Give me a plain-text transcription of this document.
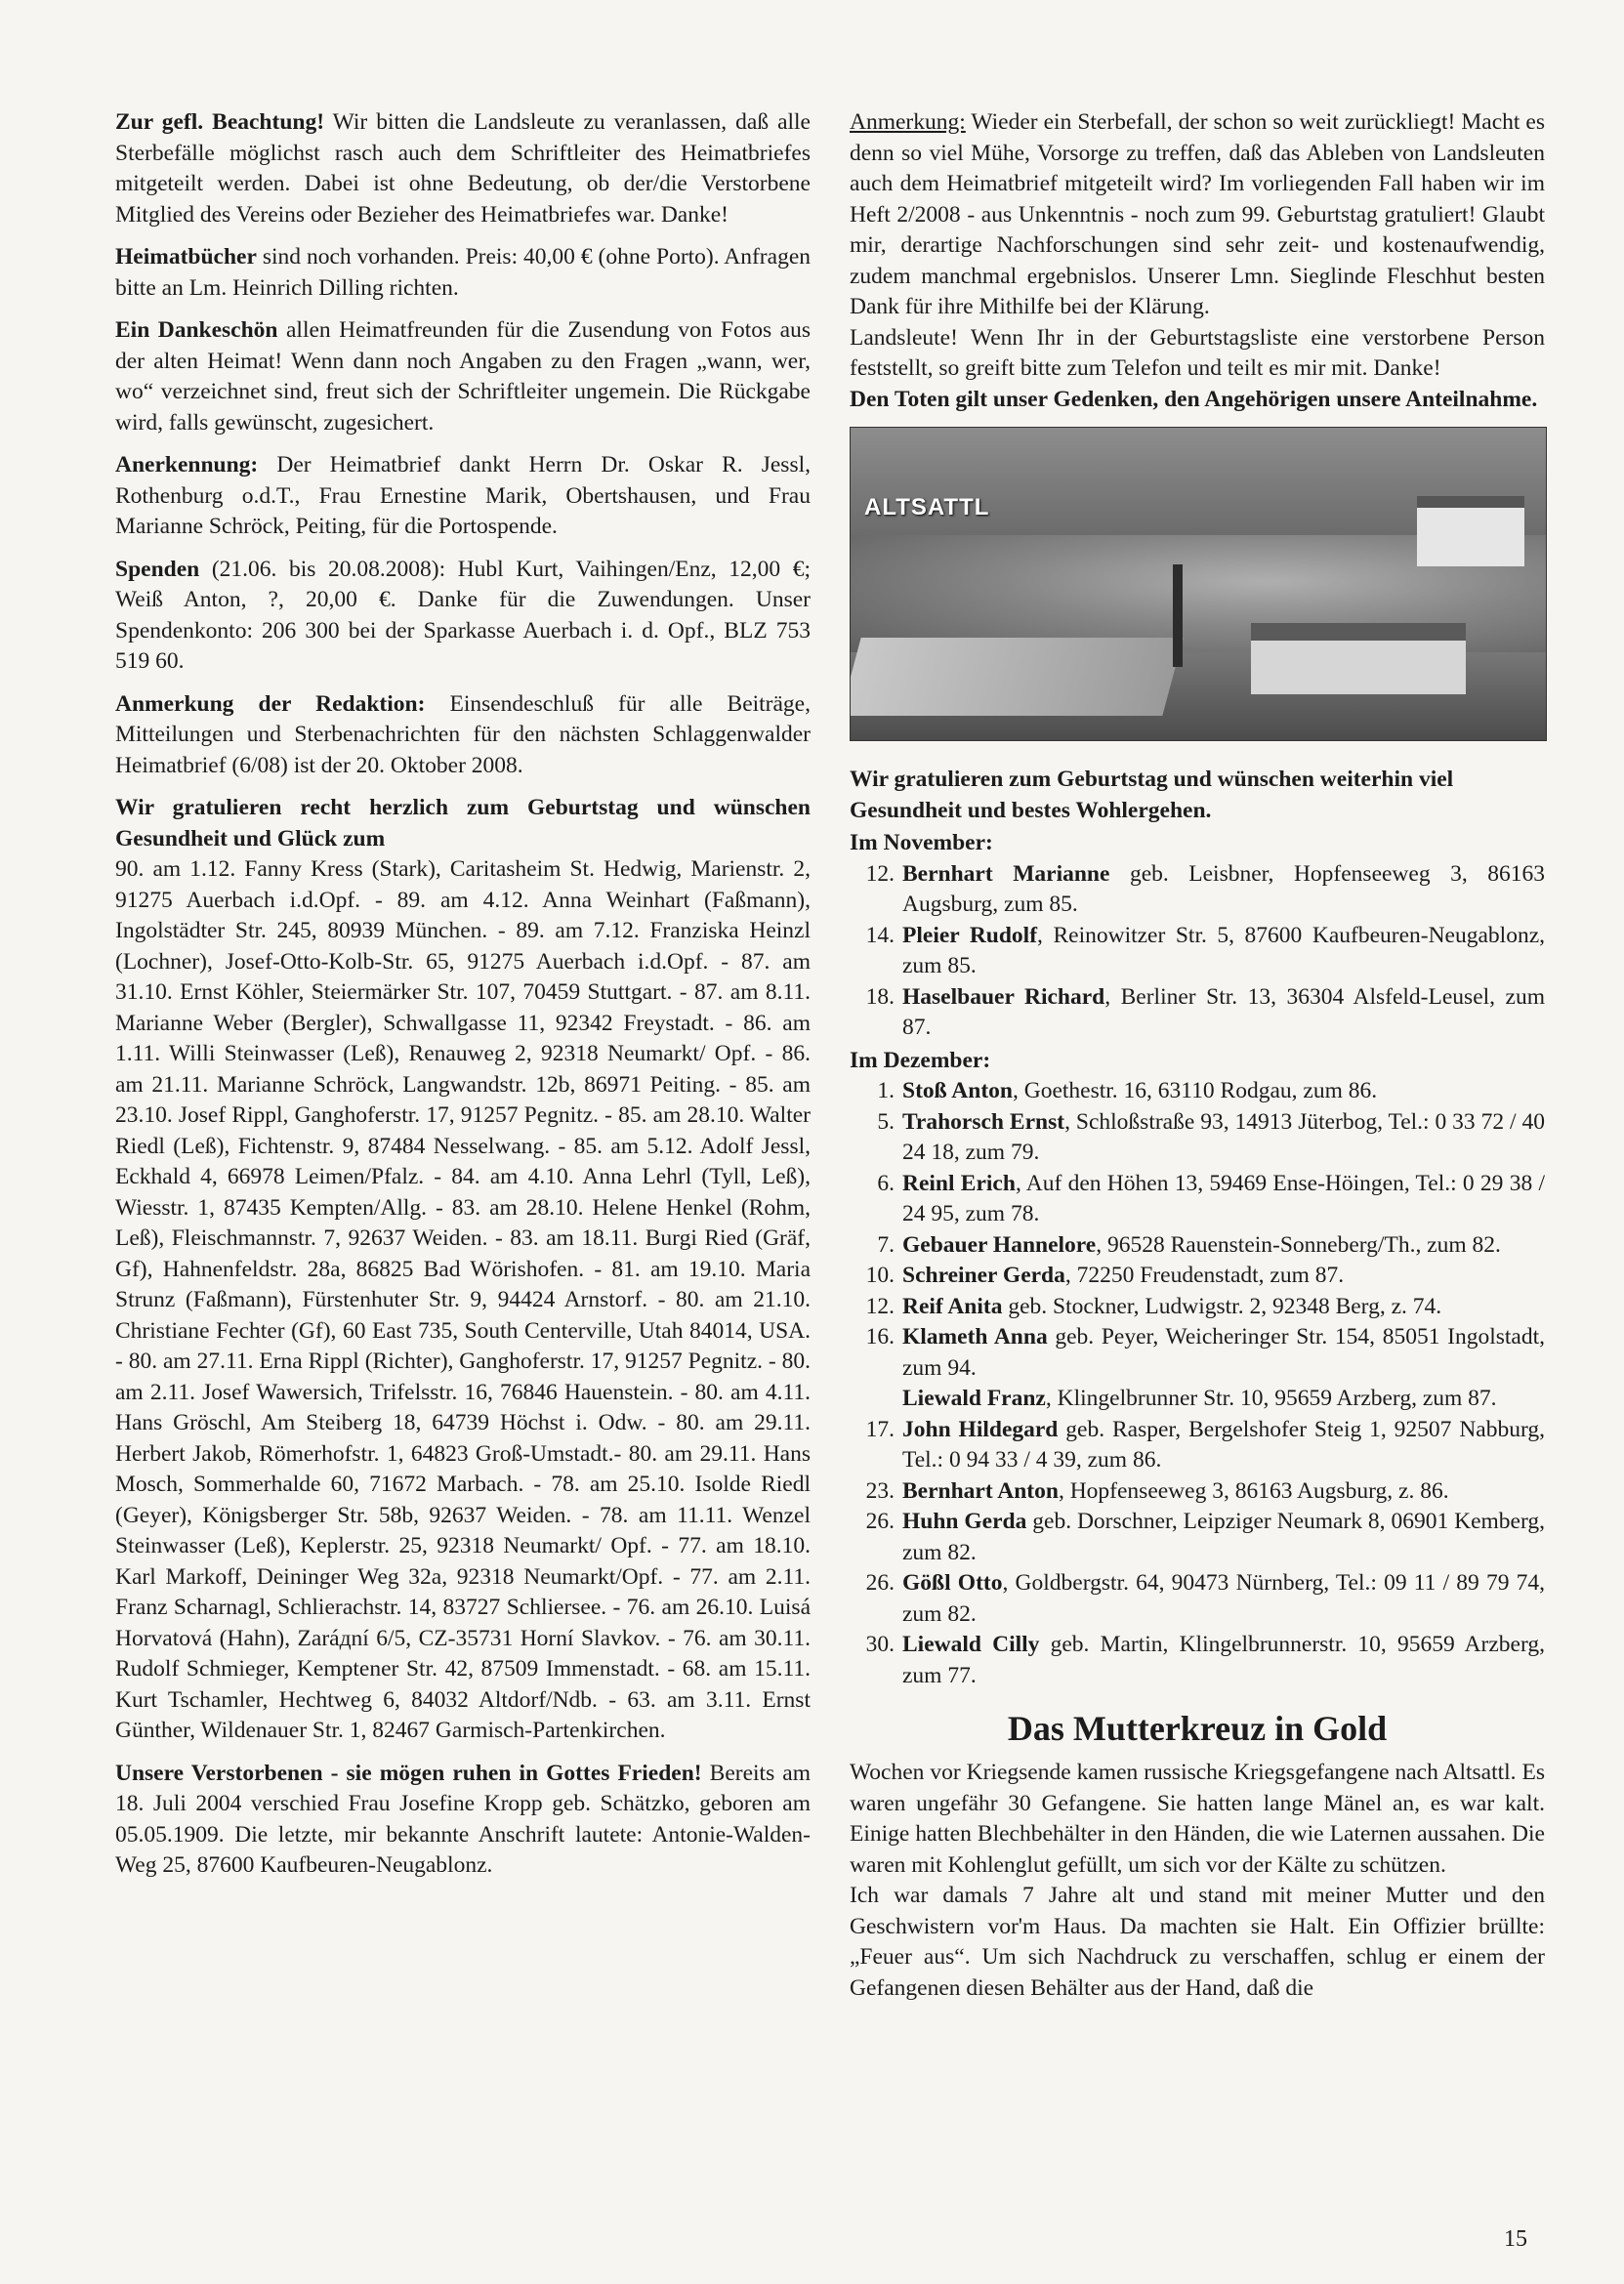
Zur gefl. Beachtung! Wir bitten die Landsleute zu veranlassen, daß alle Sterbefälle möglichst rasch auch dem Schriftleiter des Heimatbriefes mitgeteilt werden. Dabei ist ohne Bedeutung, ob der/die Verstorbene Mitglied des Vereins oder Bezieher des Heimatbriefes war. Danke!

Heimatbücher sind noch vorhanden. Preis: 40,00 € (ohne Porto). Anfragen bitte an Lm. Heinrich Dilling richten.

Ein Dankeschön allen Heimatfreunden für die Zusendung von Fotos aus der alten Heimat! Wenn dann noch Angaben zu den Fragen „wann, wer, wo“ verzeichnet sind, freut sich der Schriftleiter ungemein. Die Rückgabe wird, falls gewünscht, zugesichert.

Anerkennung: Der Heimatbrief dankt Herrn Dr. Oskar R. Jessl, Rothenburg o.d.T., Frau Ernestine Marik, Obertshausen, und Frau Marianne Schröck, Peiting, für die Portospende.

Spenden (21.06. bis 20.08.2008): Hubl Kurt, Vaihingen/Enz, 12,00 €; Weiß Anton, ?, 20,00 €. Danke für die Zuwendungen. Unser Spendenkonto: 206 300 bei der Sparkasse Auerbach i. d. Opf., BLZ 753 519 60.

Anmerkung der Redaktion: Einsendeschluß für alle Beiträge, Mitteilungen und Sterbenachrichten für den nächsten Schlaggenwalder Heimatbrief (6/08) ist der 20. Oktober 2008.

Wir gratulieren recht herzlich zum Geburtstag und wünschen Gesundheit und Glück zum
90. am 1.12. Fanny Kress (Stark), Caritasheim St. Hedwig, Marienstr. 2, 91275 Auerbach i.d.Opf. - 89. am 4.12. Anna Weinhart (Faßmann), Ingolstädter Str. 245, 80939 München. - 89. am 7.12. Franziska Heinzl (Lochner), Josef-Otto-Kolb-Str. 65, 91275 Auerbach i.d.Opf. - 87. am 31.10. Ernst Köhler, Steiermärker Str. 107, 70459 Stuttgart. - 87. am 8.11. Marianne Weber (Bergler), Schwallgasse 11, 92342 Freystadt. - 86. am 1.11. Willi Steinwasser (Leß), Renauweg 2, 92318 Neumarkt/ Opf. - 86. am 21.11. Marianne Schröck, Langwandstr. 12b, 86971 Peiting. - 85. am 23.10. Josef Rippl, Ganghoferstr. 17, 91257 Pegnitz. - 85. am 28.10. Walter Riedl (Leß), Fichtenstr. 9, 87484 Nesselwang. - 85. am 5.12. Adolf Jessl, Eckhald 4, 66978 Leimen/Pfalz. - 84. am 4.10. Anna Lehrl (Tyll, Leß), Wiesstr. 1, 87435 Kempten/Allg. - 83. am 28.10. Helene Henkel (Rohm, Leß), Fleischmannstr. 7, 92637 Weiden. - 83. am 18.11. Burgi Ried (Gräf, Gf), Hahnenfeldstr. 28a, 86825 Bad Wörishofen. - 81. am 19.10. Maria Strunz (Faßmann), Fürstenhuter Str. 9, 94424 Arnstorf. - 80. am 21.10. Christiane Fechter (Gf), 60 East 735, South Centerville, Utah 84014, USA. - 80. am 27.11. Erna Rippl (Richter), Ganghoferstr. 17, 91257 Pegnitz. - 80. am 2.11. Josef Wawersich, Trifelsstr. 16, 76846 Hauenstein. - 80. am 4.11. Hans Gröschl, Am Steiberg 18, 64739 Höchst i. Odw. - 80. am 29.11. Herbert Jakob, Römerhofstr. 1, 64823 Groß-Umstadt.- 80. am 29.11. Hans Mosch, Sommerhalde 60, 71672 Marbach. - 78. am 25.10. Isolde Riedl (Geyer), Königsberger Str. 58b, 92637 Weiden. - 78. am 11.11. Wenzel Steinwasser (Leß), Keplerstr. 25, 92318 Neumarkt/ Opf. - 77. am 18.10. Karl Markoff, Deininger Weg 32a, 92318 Neumarkt/Opf. - 77. am 2.11. Franz Scharnagl, Schlierachstr. 14, 83727 Schliersee. - 76. am 26.10. Luisá Horvatová (Hahn), Zaráдní 6/5, CZ-35731 Horní Slavkov. - 76. am 30.11. Rudolf Schmieger, Kemptener Str. 42, 87509 Immenstadt. - 68. am 15.11. Kurt Tschamler, Hechtweg 6, 84032 Altdorf/Ndb. - 63. am 3.11. Ernst Günther, Wildenauer Str. 1, 82467 Garmisch-Partenkirchen.

Unsere Verstorbenen - sie mögen ruhen in Gottes Frieden! Bereits am 18. Juli 2004 verschied Frau Josefine Kropp geb. Schätzko, geboren am 05.05.1909. Die letzte, mir bekannte Anschrift lautete: Antonie-Walden-Weg 25, 87600 Kaufbeuren-Neugablonz.

Anmerkung: Wieder ein Sterbefall, der schon so weit zurückliegt! Macht es denn so viel Mühe, Vorsorge zu treffen, daß das Ableben von Landsleuten auch dem Heimatbrief mitgeteilt wird? Im vorliegenden Fall haben wir im Heft 2/2008 - aus Unkenntnis - noch zum 99. Geburtstag gratuliert! Glaubt mir, derartige Nachforschungen sind sehr zeit- und kostenaufwendig, zudem manchmal ergebnislos. Unserer Lmn. Sieglinde Fleschhut besten Dank für ihre Mithilfe bei der Klärung.
Landsleute! Wenn Ihr in der Geburtstagsliste eine verstorbene Person feststellt, so greift bitte zum Telefon und teilt es mir mit. Danke!
Den Toten gilt unser Gedenken, den Angehörigen unsere Anteilnahme.

ALTSATTL
Wir gratulieren zum Geburtstag und wünschen weiterhin viel Gesundheit und bestes Wohlergehen.
Im November:
12. Bernhart Marianne geb. Leisbner, Hopfenseeweg 3, 86163 Augsburg, zum 85.
14. Pleier Rudolf, Reinowitzer Str. 5, 87600 Kaufbeuren-Neugablonz, zum 85.
18. Haselbauer Richard, Berliner Str. 13, 36304 Alsfeld-Leusel, zum 87.
Im Dezember:
1. Stoß Anton, Goethestr. 16, 63110 Rodgau, zum 86.
5. Trahorsch Ernst, Schloßstraße 93, 14913 Jüterbog, Tel.: 0 33 72 / 40 24 18, zum 79.
6. Reinl Erich, Auf den Höhen 13, 59469 Ense-Höingen, Tel.: 0 29 38 / 24 95, zum 78.
7. Gebauer Hannelore, 96528 Rauenstein-Sonneberg/Th., zum 82.
10. Schreiner Gerda, 72250 Freudenstadt, zum 87.
12. Reif Anita geb. Stockner, Ludwigstr. 2, 92348 Berg, z. 74.
16. Klameth Anna geb. Peyer, Weicheringer Str. 154, 85051 Ingolstadt, zum 94.
Liewald Franz, Klingelbrunner Str. 10, 95659 Arzberg, zum 87.
17. John Hildegard geb. Rasper, Bergelshofer Steig 1, 92507 Nabburg, Tel.: 0 94 33 / 4 39, zum 86.
23. Bernhart Anton, Hopfenseeweg 3, 86163 Augsburg, z. 86.
26. Huhn Gerda geb. Dorschner, Leipziger Neumark 8, 06901 Kemberg, zum 82.
26. Gößl Otto, Goldbergstr. 64, 90473 Nürnberg, Tel.: 09 11 / 89 79 74, zum 82.
30. Liewald Cilly geb. Martin, Klingelbrunnerstr. 10, 95659 Arzberg, zum 77.
Das Mutterkreuz in Gold

Wochen vor Kriegsende kamen russische Kriegsgefangene nach Altsattl. Es waren ungefähr 30 Gefangene. Sie hatten lange Mänel an, es war kalt. Einige hatten Blechbehälter in den Händen, die wie Laternen aussahen. Die waren mit Kohlenglut gefüllt, um sich vor der Kälte zu schützen.
Ich war damals 7 Jahre alt und stand mit meiner Mutter und den Geschwistern vor'm Haus. Da machten sie Halt. Ein Offizier brüllte: „Feuer aus“. Um sich Nachdruck zu verschaffen, schlug er einem der Gefangenen diesen Behälter aus der Hand, daß die

15
